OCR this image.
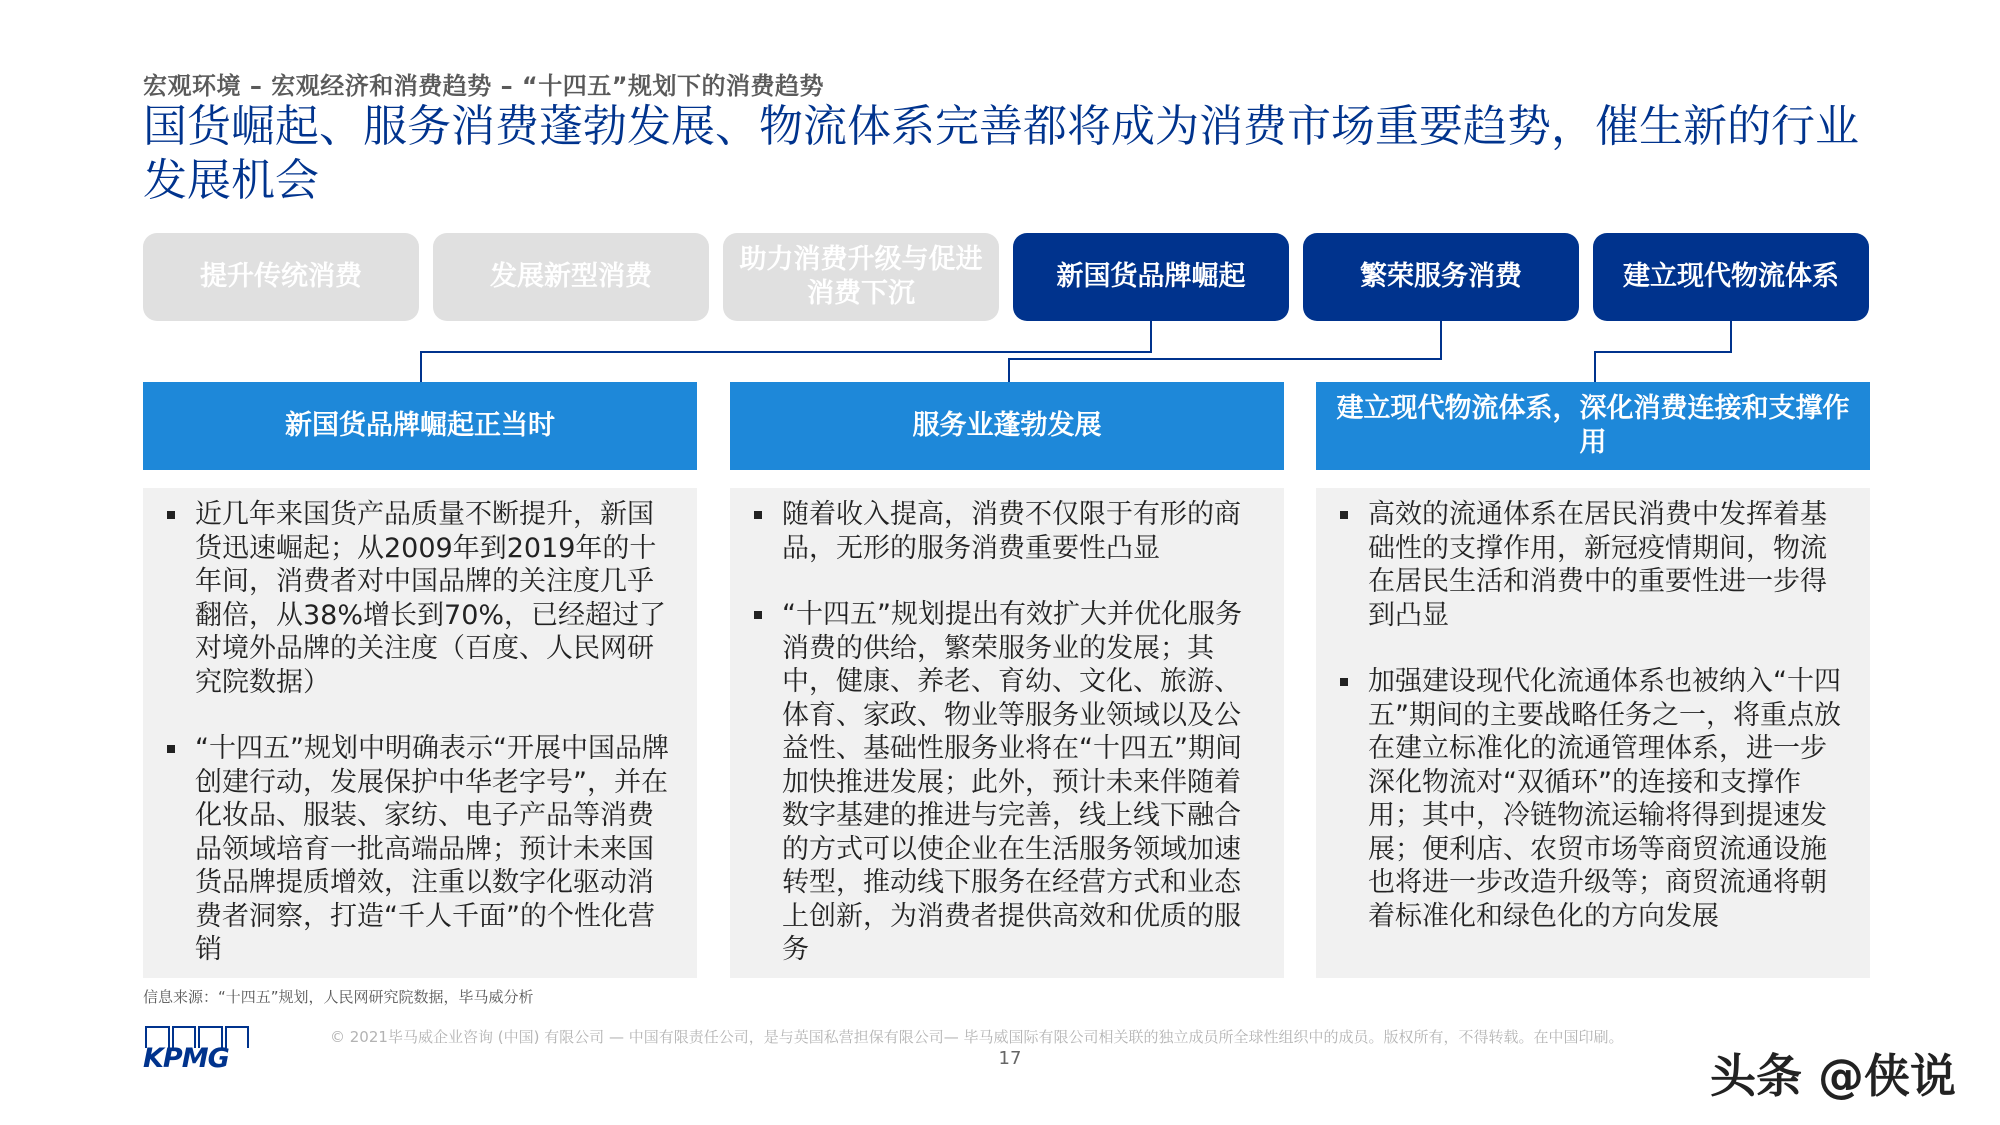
宏观环境 – 宏观经济和消费趋势 – “十四五”规划下的消费趋势
国货崛起、服务消费蓬勃发展、物流体系完善都将成为消费市场重要趋势，催生新的行业发展机会
提升传统消费	发展新型消费
助力消费升级与促进消费下沉
新国货品牌崛起	繁荣服务消费	建立现代物流体系
新国货品牌崛起正当时	服务业蓬勃发展
建立现代物流体系，深化消费连接和支撑作用
近几年来国货产品质量不断提升，新国货迅速崛起；从2009年到2019年的十年间，消费者对中国品牌的关注度几乎翻倍，从38%增长到70%，已经超过了对境外品牌的关注度（百度、人民网研究院数据）
“十四五”规划中明确表示“开展中国品牌创建行动，发展保护中华老字号”，并在化妆品、服装、家纺、电子产品等消费品领域培育一批高端品牌；预计未来国货品牌提质增效，注重以数字化驱动消费者洞察，打造“千人千面”的个性化营销
随着收入提高，消费不仅限于有形的商品，无形的服务消费重要性凸显
“十四五”规划提出有效扩大并优化服务消费的供给，繁荣服务业的发展；其中，健康、养老、育幼、文化、旅游、体育、家政、物业等服务业领域以及公益性、基础性服务业将在“十四五”期间加快推进发展；此外，预计未来伴随着数字基建的推进与完善，线上线下融合的方式可以使企业在生活服务领域加速转型，推动线下服务在经营方式和业态上创新，为消费者提供高效和优质的服务
高效的流通体系在居民消费中发挥着基础性的支撑作用，新冠疫情期间，物流在居民生活和消费中的重要性进一步得到凸显
加强建设现代化流通体系也被纳入“十四五”期间的主要战略任务之一，将重点放在建立标准化的流通管理体系，进一步深化物流对“双循环”的连接和支撑作用；其中，冷链物流运输将得到提速发展；便利店、农贸市场等商贸流通设施也将进一步改造升级等；商贸流通将朝着标准化和绿色化的方向发展
信息来源：“十四五”规划，人民网研究院数据，毕马威分析
KPMG
© 2021毕马威企业咨询 (中国) 有限公司 — 中国有限责任公司，是与英国私营担保有限公司— 毕马威国际有限公司相关联的独立成员所全球性组织中的成员。版权所有，不得转载。在中国印刷。
17	头条 @侠说
